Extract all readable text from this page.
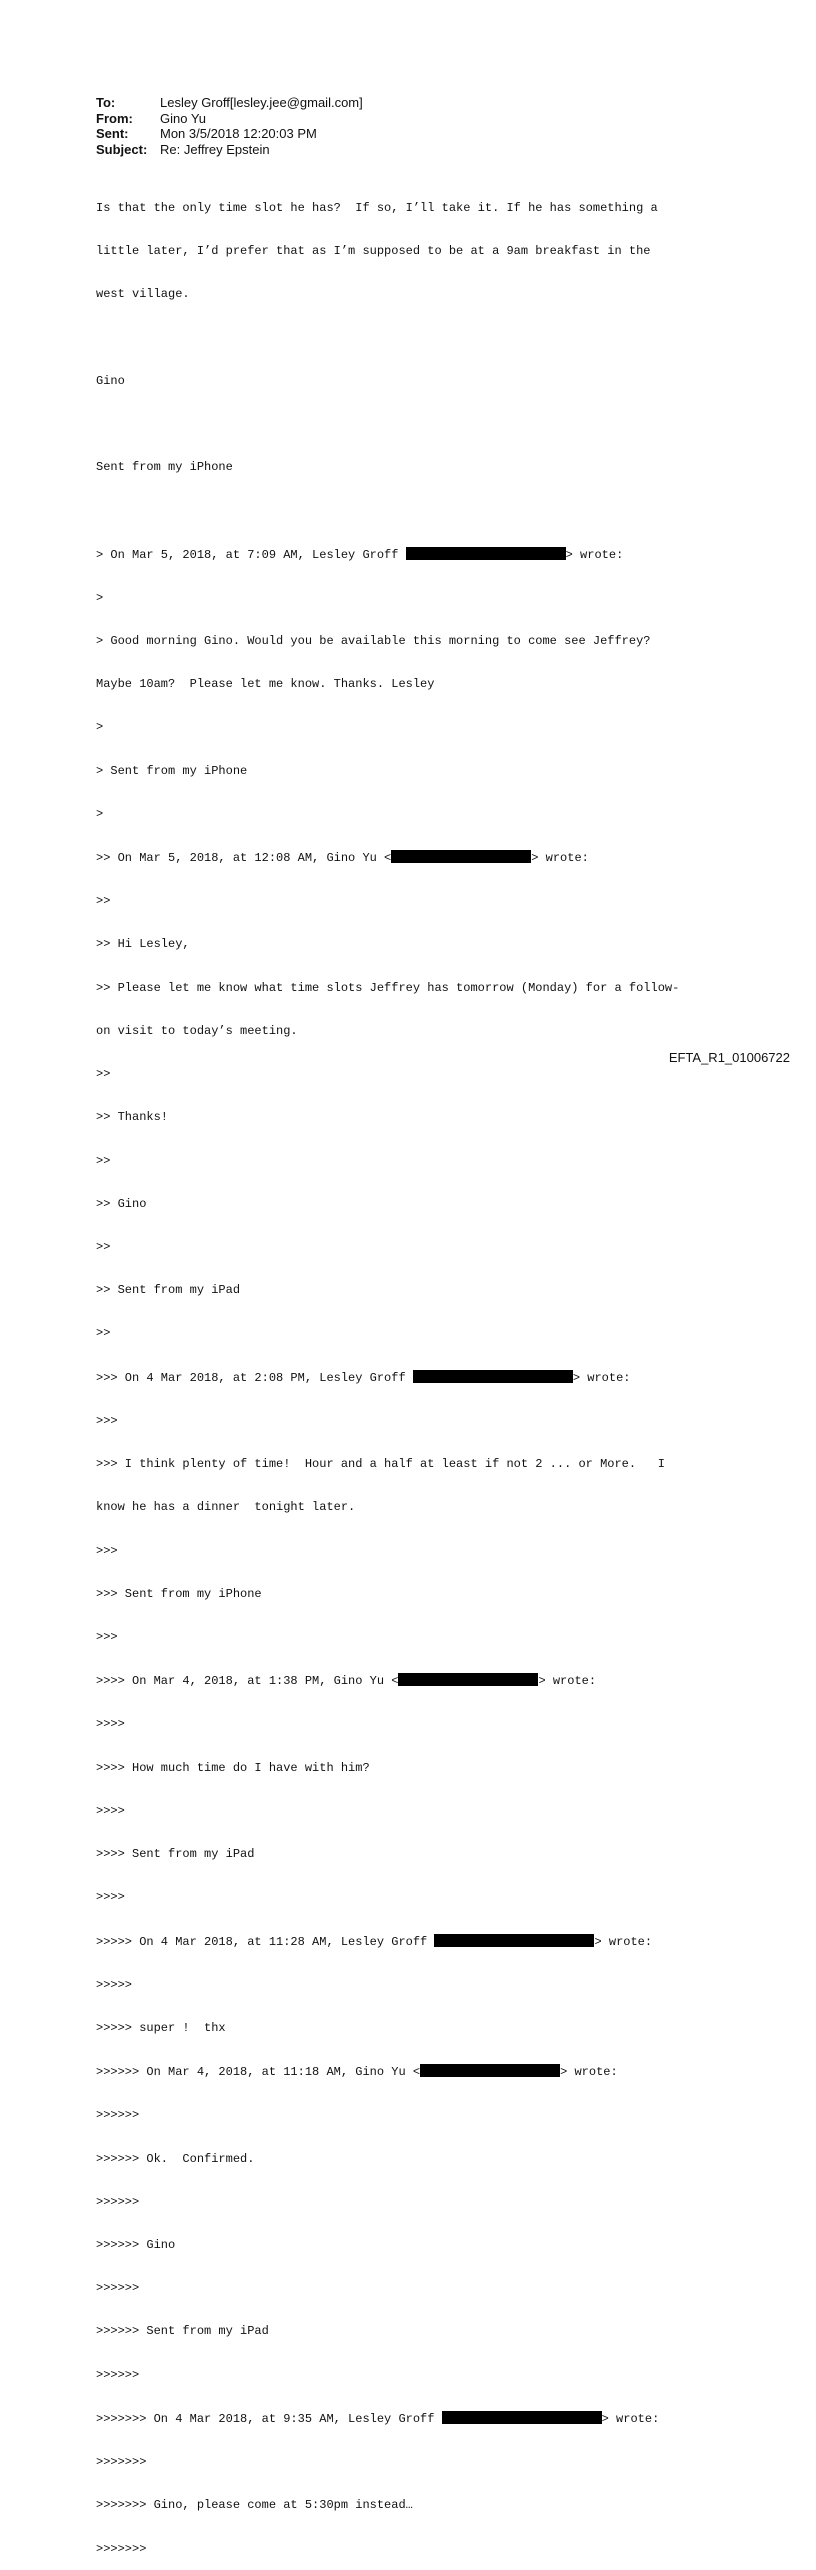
To:	Lesley Groff[lesley.jee@gmail.com]
From:	Gino Yu
Sent:	Mon 3/5/2018 12:20:03 PM
Subject: Re: Jeffrey Epstein

Is that the only time slot he has?  If so, I’ll take it. If he has something a

little later, I’d prefer that as I’m supposed to be at a 9am breakfast in the

west village.

Gino

Sent from my iPhone

> On Mar 5, 2018, at 7:09 AM, Lesley Groff	> wrote:

>

> Good morning Gino. Would you be available this morning to come see Jeffrey?

Maybe 10am?  Please let me know. Thanks. Lesley

>

> Sent from my iPhone

>

>> On Mar 5, 2018, at 12:08 AM, Gino Yu <	> wrote:

>>

>> Hi Lesley,

>> Please let me know what time slots Jeffrey has tomorrow (Monday) for a follow-

on visit to today’s meeting.

>>

>> Thanks!

>>

>> Gino

>>

>> Sent from my iPad

>>

>>> On 4 Mar 2018, at 2:08 PM, Lesley Groff	> wrote:

>>>

>>> I think plenty of time!  Hour and a half at least if not 2 ... or More.   I

know he has a dinner  tonight later.

>>>

>>> Sent from my iPhone

>>>

>>>> On Mar 4, 2018, at 1:38 PM, Gino Yu <	> wrote:

>>>>

>>>> How much time do I have with him?

>>>>

>>>> Sent from my iPad

>>>>

>>>>> On 4 Mar 2018, at 11:28 AM, Lesley Groff	> wrote:

>>>>>

>>>>> super !  thx

>>>>>> On Mar 4, 2018, at 11:18 AM, Gino Yu <	> wrote:

>>>>>>

>>>>>> Ok.  Confirmed.

>>>>>>

>>>>>> Gino

>>>>>>

>>>>>> Sent from my iPad

>>>>>>

>>>>>>> On 4 Mar 2018, at 9:35 AM, Lesley Groff	> wrote:

>>>>>>>

>>>>>>> Gino, please come at 5:30pm instead…

>>>>>>>

EFTA_R1_01006722
